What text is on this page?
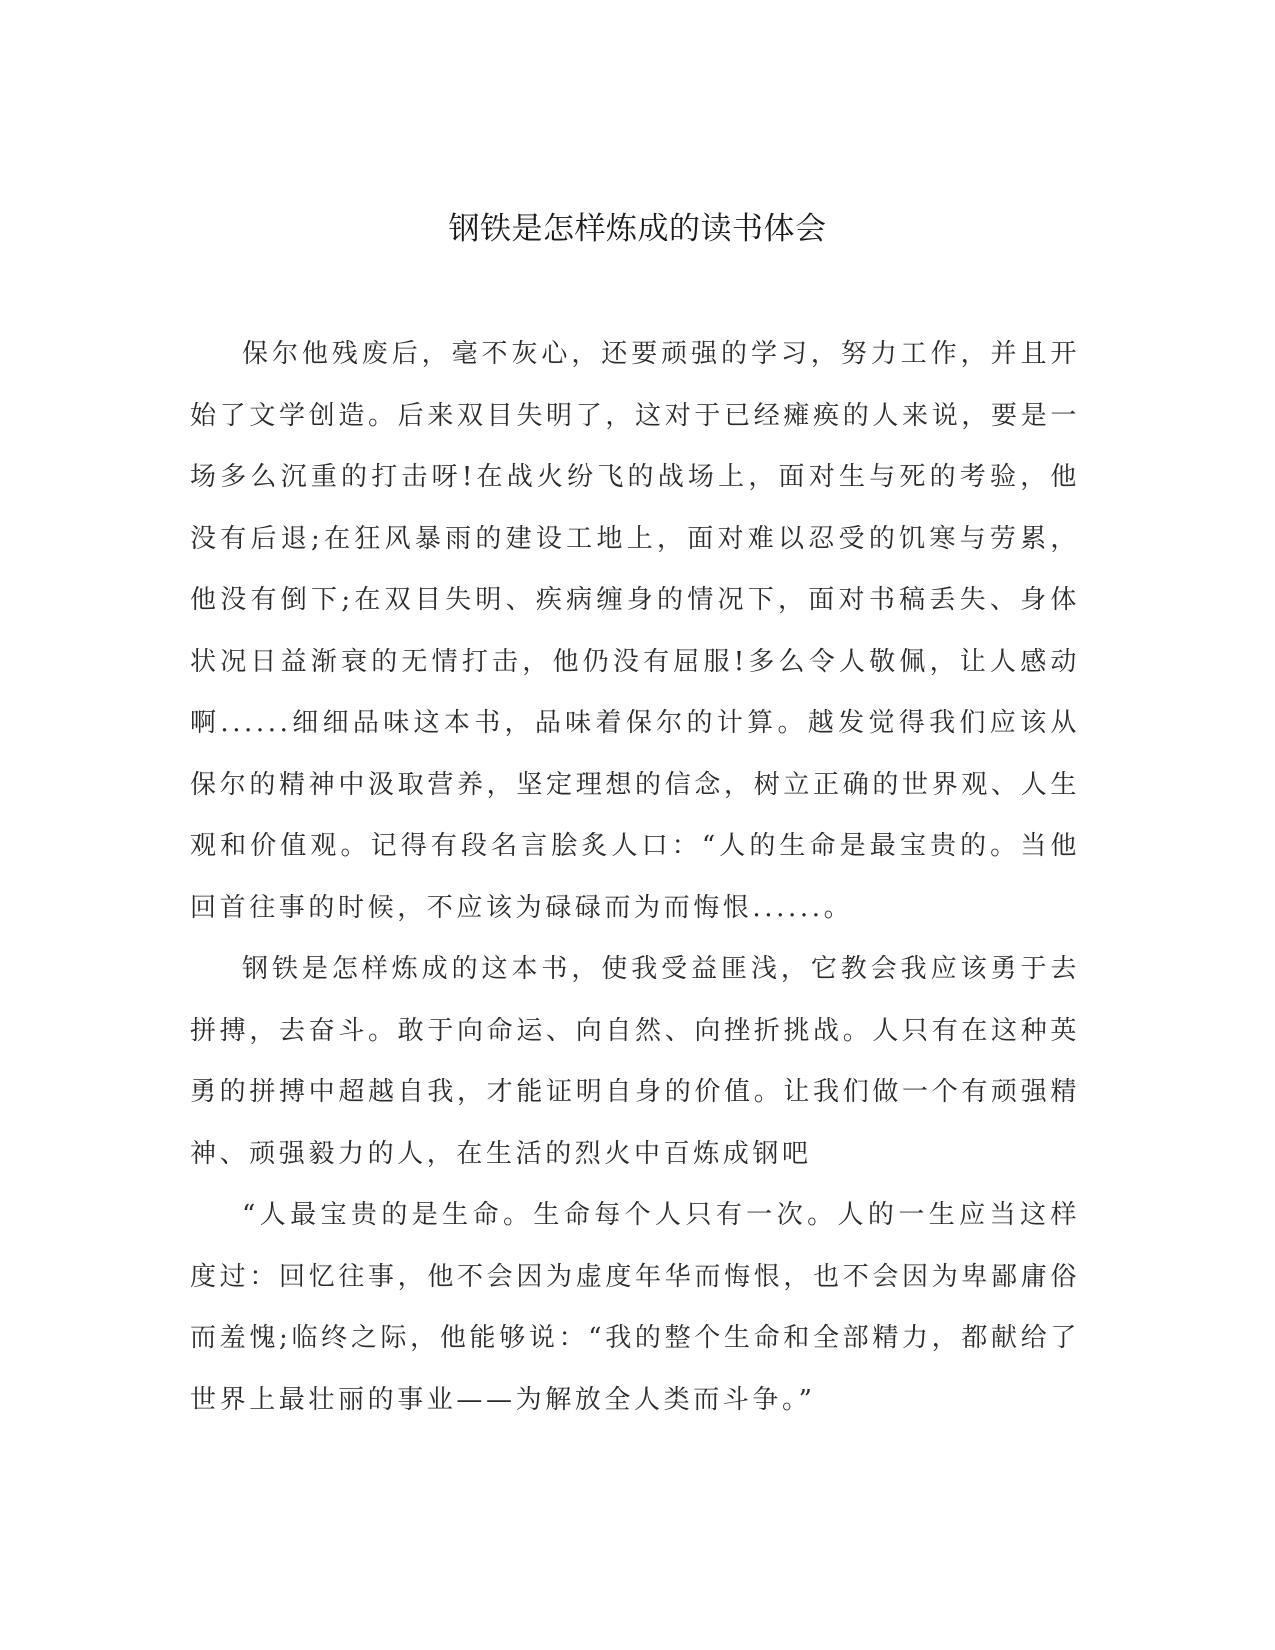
钢铁是怎样炼成的读书体会

保尔他残废后，毫不灰心，还要顽强的学习，努力工作，并且开始了文学创造。后来双目失明了，这对于已经瘫痪的人来说，要是一场多么沉重的打击呀!在战火纷飞的战场上，面对生与死的考验，他没有后退;在狂风暴雨的建设工地上，面对难以忍受的饥寒与劳累，他没有倒下;在双目失明、疾病缠身的情况下，面对书稿丢失、身体状况日益渐衰的无情打击，他仍没有屈服!多么令人敬佩，让人感动啊......细细品味这本书，品味着保尔的计算。越发觉得我们应该从保尔的精神中汲取营养，坚定理想的信念，树立正确的世界观、人生观和价值观。记得有段名言脍炙人口：“人的生命是最宝贵的。当他回首往事的时候，不应该为碌碌而为而悔恨......。

钢铁是怎样炼成的这本书，使我受益匪浅，它教会我应该勇于去拼搏，去奋斗。敢于向命运、向自然、向挫折挑战。人只有在这种英勇的拼搏中超越自我，才能证明自身的价值。让我们做一个有顽强精神、顽强毅力的人，在生活的烈火中百炼成钢吧

“人最宝贵的是生命。生命每个人只有一次。人的一生应当这样度过：回忆往事，他不会因为虚度年华而悔恨，也不会因为卑鄙庸俗而羞愧;临终之际，他能够说：“我的整个生命和全部精力，都献给了世界上最壮丽的事业——为解放全人类而斗争。”
